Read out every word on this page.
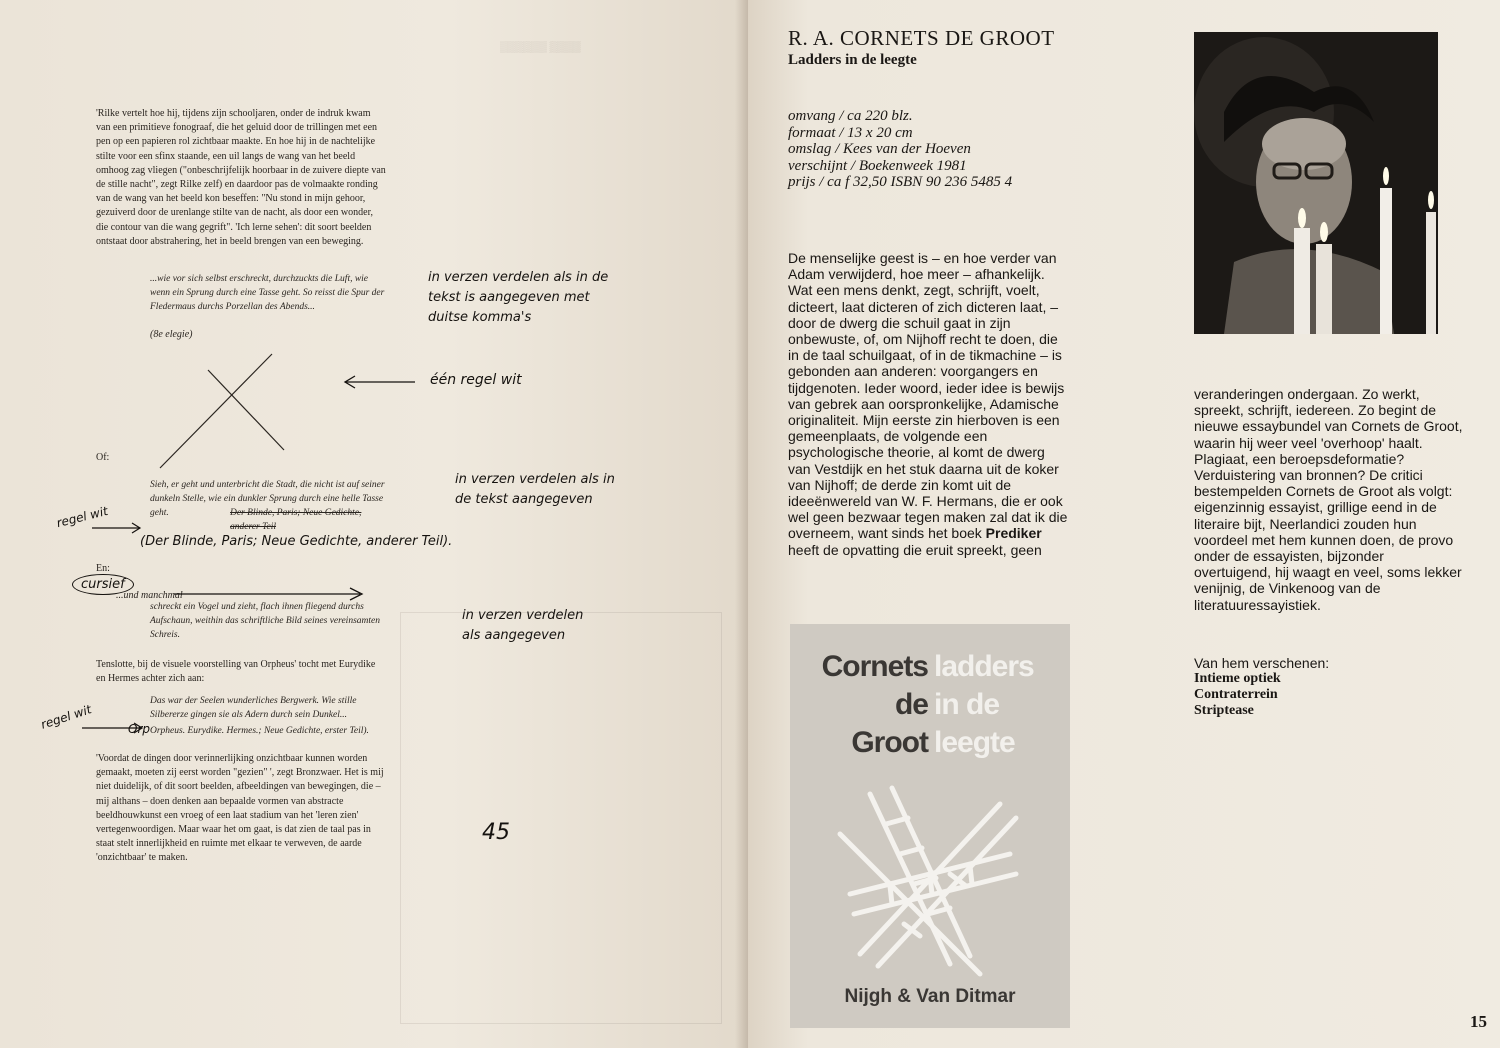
▒▒▒▒▒▒ ▒▒▒▒

'Rilke vertelt hoe hij, tijdens zijn schooljaren, onder de indruk kwam van een primitieve fonograaf, die het geluid door de trillingen met een pen op een papieren rol zichtbaar maakte. En hoe hij in de nachtelijke stilte voor een sfinx staande, een uil langs de wang van het beeld omhoog zag vliegen ("onbeschrijfelijk hoorbaar in de zuivere diepte van de stille nacht", zegt Rilke zelf) en daardoor pas de volmaakte ronding van de wang van het beeld kon beseffen: "Nu stond in mijn gehoor, gezuiverd door de urenlange stilte van de nacht, als door een wonder, die contour van die wang gegrift". 'Ich lerne sehen': dit soort beelden ontstaat door abstrahering, het in beeld brengen van een beweging.

...wie vor sich selbst erschreckt, durchzuckts die Luft, wie wenn ein Sprung durch eine Tasse geht. So reisst die Spur der Fledermaus durchs Porzellan des Abends...

(8e elegie)

Of:

Sieh, er geht und unterbricht die Stadt, die nicht ist auf seiner dunkeln Stelle, wie ein dunkler Sprung durch eine helle Tasse geht.	Der Blinde, Paris; Neue Gedichte, anderer Teil

En:

...und manchmal

schreckt ein Vogel und zieht, flach ihnen fliegend durchs Aufschaun, weithin das schriftliche Bild seines vereinsamten Schreis.

Tenslotte, bij de visuele voorstelling van Orpheus' tocht met Eurydike en Hermes achter zich aan:

Das war der Seelen wunderliches Bergwerk. Wie stille Silbererze gingen sie als Adern durch sein Dunkel...

Orpheus. Eurydike. Hermes.; Neue Gedichte, erster Teil).

'Voordat de dingen door verinnerlijking onzichtbaar kunnen worden gemaakt, moeten zij eerst worden "gezien" ', zegt Bronzwaer. Het is mij niet duidelijk, of dit soort beelden, afbeeldingen van bewegingen, die – mij althans – doen denken aan bepaalde vormen van abstracte beeldhouwkunst een vroeg of een laat stadium van het 'leren zien' vertegenwoordigen. Maar waar het om gaat, is dat zien de taal pas in staat stelt innerlijkheid en ruimte met elkaar te verweven, de aarde 'onzichtbaar' te maken.

in verzen verdelen als in de tekst is aangegeven met duitse komma's
één regel wit
in verzen verdelen als in de tekst aangegeven
regel wit
(Der Blinde, Paris; Neue Gedichte, anderer Teil).
cursief
in verzen verdelen als aangegeven
regel wit	Orp
45
R. A. CORNETS DE GROOT
Ladders in de leegte
omvang / ca 220 blz.
formaat / 13 x 20 cm
omslag / Kees van der Hoeven
verschijnt / Boekenweek 1981
prijs / ca f 32,50 ISBN 90 236 5485 4
De menselijke geest is – en hoe verder van Adam verwijderd, hoe meer – afhankelijk. Wat een mens denkt, zegt, schrijft, voelt, dicteert, laat dicteren of zich dicteren laat, – door de dwerg die schuil gaat in zijn onbewuste, of, om Nijhoff recht te doen, die in de taal schuilgaat, of in de tikmachine – is gebonden aan anderen: voorgangers en tijdgenoten. Ieder woord, ieder idee is bewijs van gebrek aan oorspronkelijke, Adamische originaliteit. Mijn eerste zin hierboven is een gemeenplaats, de volgende een psychologische theorie, al komt de dwerg van Vestdijk en het stuk daarna uit de koker van Nijhoff; de derde zin komt uit de ideeënwereld van W. F. Hermans, die er ook wel geen bezwaar tegen maken zal dat ik die overneem, want sinds het boek Prediker heeft de opvatting die eruit spreekt, geen
veranderingen ondergaan. Zo werkt, spreekt, schrijft, iedereen. Zo begint de nieuwe essaybundel van Cornets de Groot, waarin hij weer veel 'overhoop' haalt. Plagiaat, een beroepsdeformatie? Verduistering van bronnen? De critici bestempelden Cornets de Groot als volgt: eigenzinnig essayist, grillige eend in de literaire bijt, Neerlandici zouden hun voordeel met hem kunnen doen, de provo onder de essayisten, bijzonder overtuigend, hij waagt en veel, soms lekker venijnig, de Vinkenoog van de literatuuressayistiek.
Van hem verschenen:
Intieme optiek
Contraterrein
Striptease
Cornets ladders
de in de
Groot leegte
Nijgh & Van Ditmar
15
